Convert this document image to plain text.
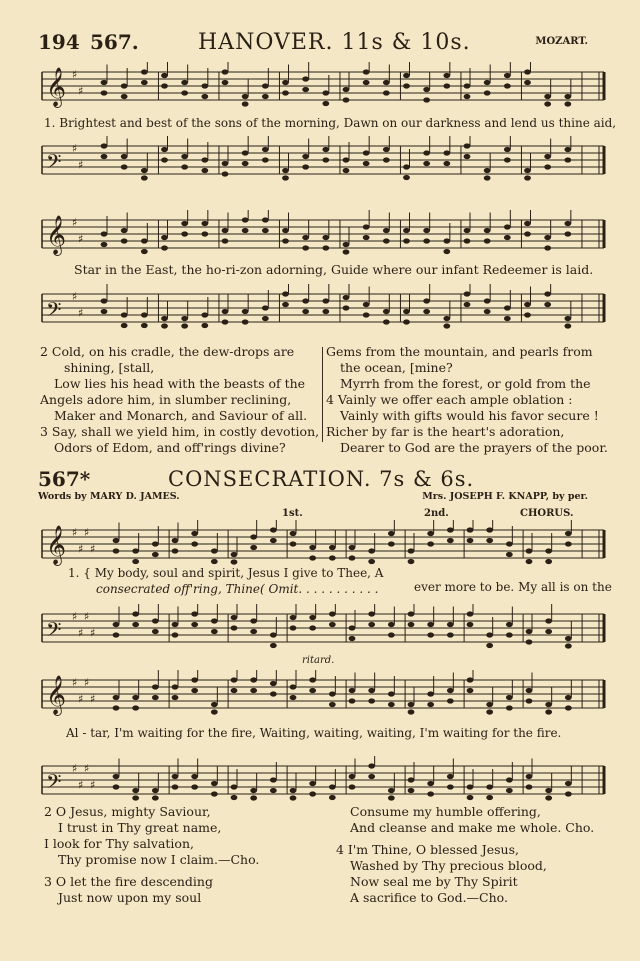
194 567.	HANOVER. 11s & 10s.	MOZART.
𝄞 ♯
♯
𝄢
♯
♯
𝄞 ♯
♯
𝄢
♯
♯
1. Brightest and best of the sons of the morning, Dawn on our darkness and lend us thine aid,
Star in the East, the ho-ri-zon adorning, Guide where our infant Redeemer is laid.
2 Cold, on his cradle, the dew-drops are
shining, [stall,
Low lies his head with the beasts of the
Angels adore him, in slumber reclining,
Maker and Monarch, and Saviour of all.
3 Say, shall we yield him, in costly devotion,
Odors of Edom, and off'rings divine?
Gems from the mountain, and pearls from
the ocean, [mine?
Myrrh from the forest, or gold from the
4 Vainly we offer each ample oblation :
Vainly with gifts would his favor secure !
Richer by far is the heart's adoration,
Dearer to God are the prayers of the poor.
567*	CONSECRATION. 7s & 6s.
Words by MARY D. JAMES.	Mrs. JOSEPH F. KNAPP, by per.
1st.	2nd.	CHORUS.
𝄞 ♯
♯
♯
♯
𝄢
♯
♯
♯
♯
1. { My body, soul and spirit, Jesus I give to Thee, A
consecrated off'ring, Thine( Omit. . . . . . . . . . .	ever more to be. My all is on the
ritard.
𝄞 ♯
♯
♯
♯
𝄢
♯
♯
♯
♯
Al - tar, I'm waiting for the fire, Waiting, waiting, waiting, I'm waiting for the fire.
2 O Jesus, mighty Saviour,
I trust in Thy great name,
I look for Thy salvation,
Thy promise now I claim.—Cho.
3 O let the fire descending
Just now upon my soul
Consume my humble offering,
And cleanse and make me whole. Cho.
4 I'm Thine, O blessed Jesus,
Washed by Thy precious blood,
Now seal me by Thy Spirit
A sacrifice to God.—Cho.
